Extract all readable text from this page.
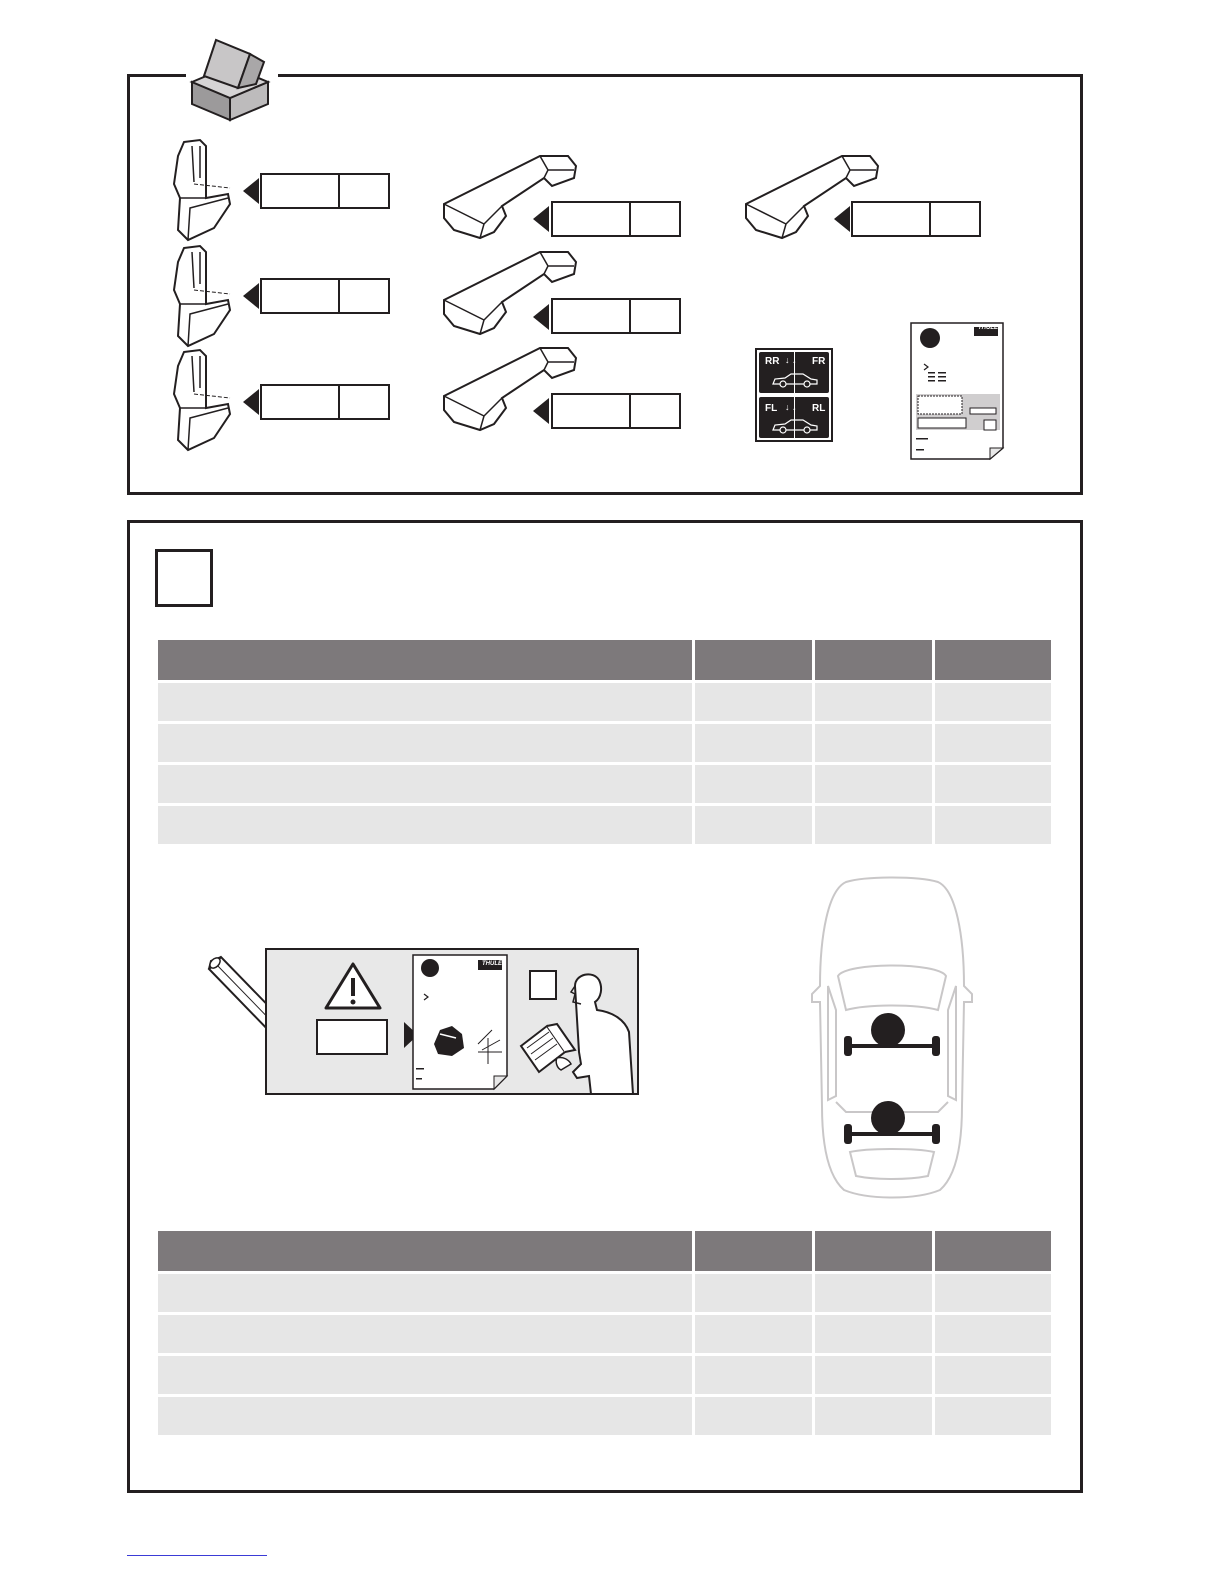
RR	FR
FL	RL
↓ ↓
↓ ↓
THULE

THULE
